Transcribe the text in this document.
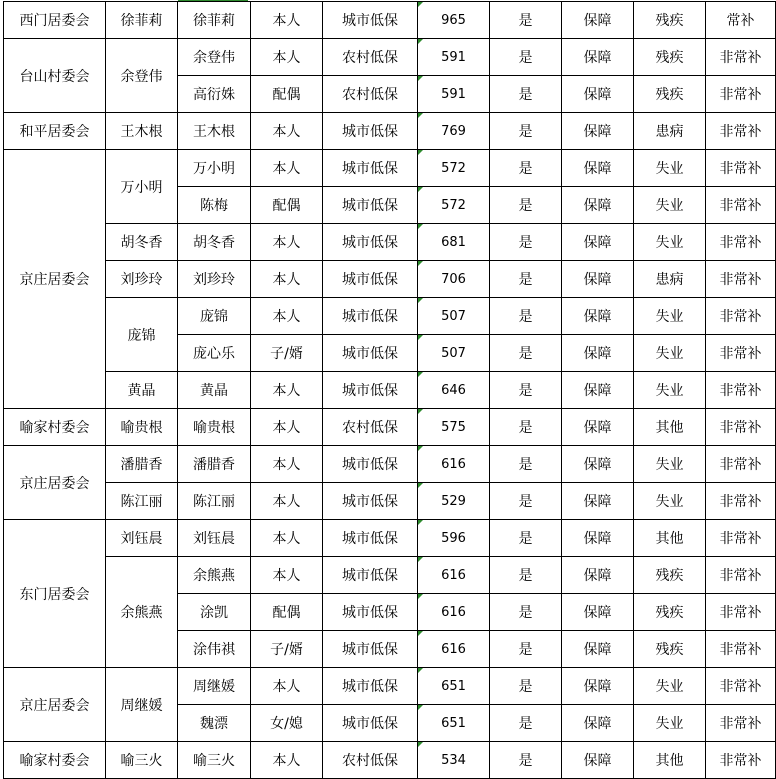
西门居委会	徐菲莉	徐菲莉	本人	城市低保	965	是	保障	残疾	常补
台山村委会	余登伟	余登伟	本人	农村低保	591	是	保障	残疾	非常补
		高衍姝	配偶	农村低保	591	是	保障	残疾	非常补
和平居委会	王木根	王木根	本人	城市低保	769	是	保障	患病	非常补
京庄居委会	万小明	万小明	本人	城市低保	572	是	保障	失业	非常补
		陈梅	配偶	城市低保	572	是	保障	失业	非常补
	胡冬香	胡冬香	本人	城市低保	681	是	保障	失业	非常补
	刘珍玲	刘珍玲	本人	城市低保	706	是	保障	患病	非常补
	庞锦	庞锦	本人	城市低保	507	是	保障	失业	非常补
		庞心乐	子/婿	城市低保	507	是	保障	失业	非常补
	黄晶	黄晶	本人	城市低保	646	是	保障	失业	非常补
喻家村委会	喻贵根	喻贵根	本人	农村低保	575	是	保障	其他	非常补
京庄居委会	潘腊香	潘腊香	本人	城市低保	616	是	保障	失业	非常补
	陈江丽	陈江丽	本人	城市低保	529	是	保障	失业	非常补
东门居委会	刘钰晨	刘钰晨	本人	城市低保	596	是	保障	其他	非常补
	余熊燕	余熊燕	本人	城市低保	616	是	保障	残疾	非常补
		涂凯	配偶	城市低保	616	是	保障	残疾	非常补
		涂伟祺	子/婿	城市低保	616	是	保障	残疾	非常补
京庄居委会	周继媛	周继媛	本人	城市低保	651	是	保障	失业	非常补
		魏漂	女/媳	城市低保	651	是	保障	失业	非常补
喻家村委会	喻三火	喻三火	本人	农村低保	534	是	保障	其他	非常补
